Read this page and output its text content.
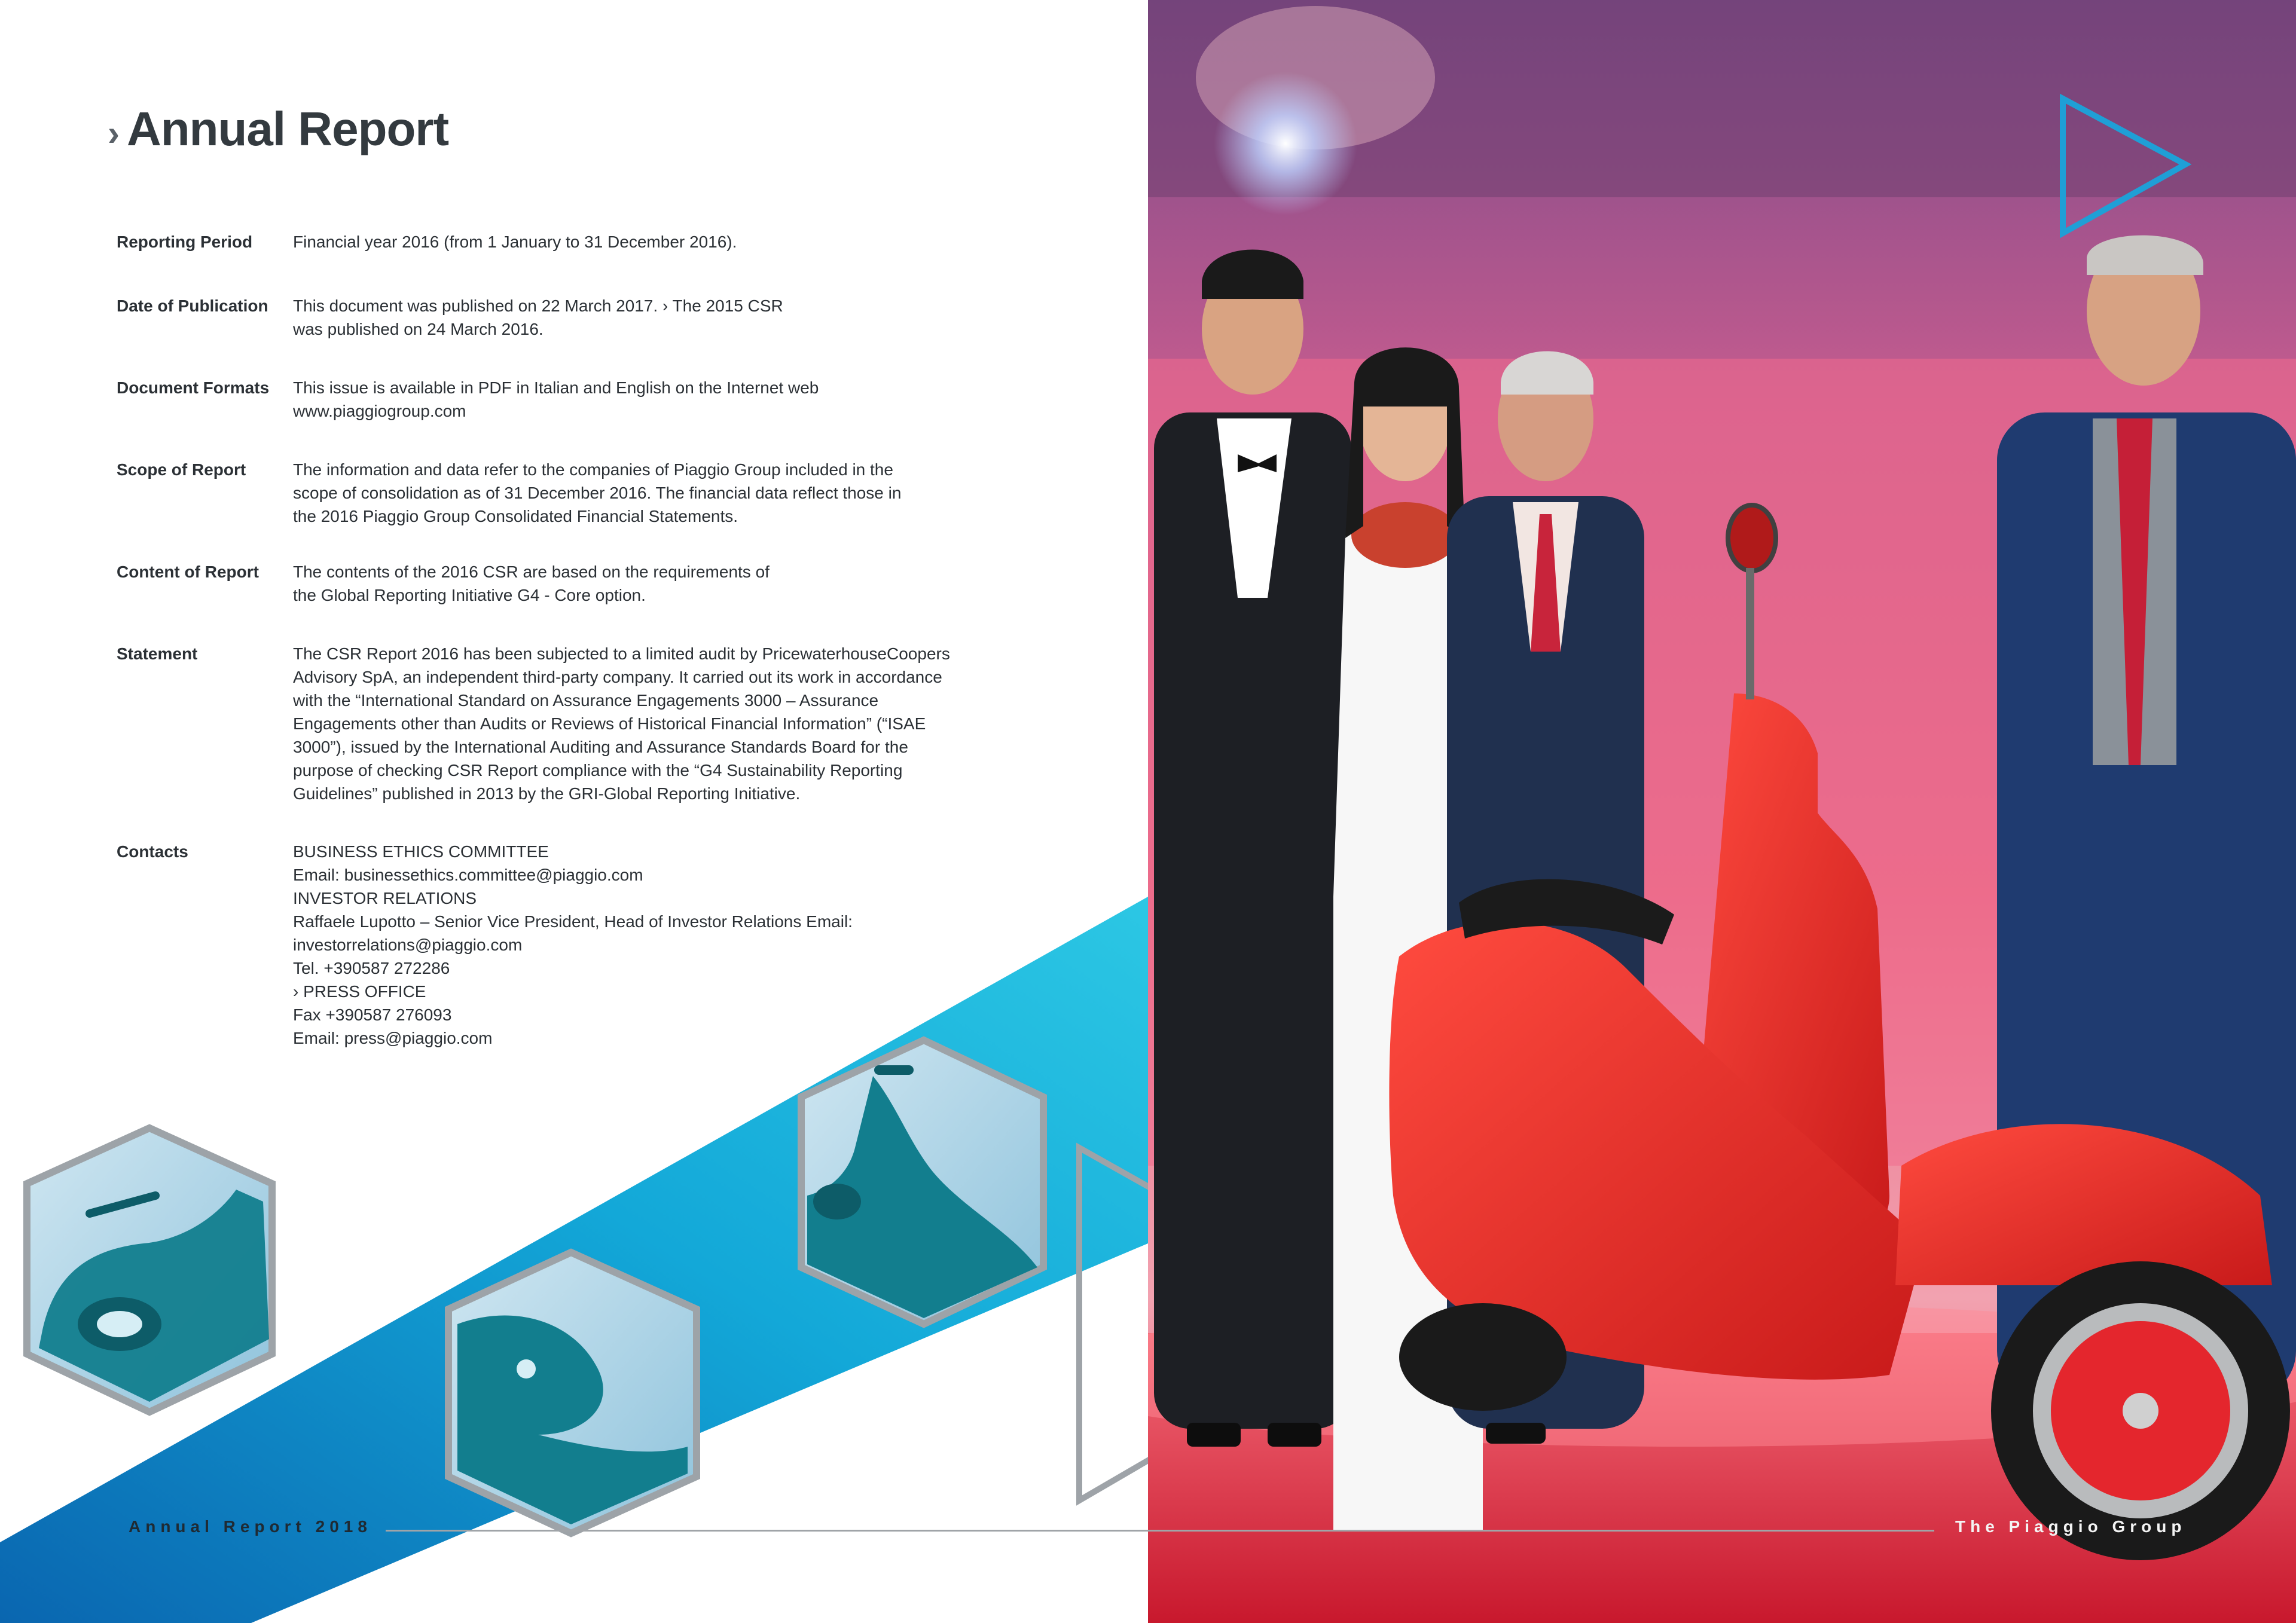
› Annual Report
Reporting Period	Financial year 2016 (from 1 January to 31 December 2016).
Date of Publication	This document was published on 22 March 2017. › The 2015 CSR
was published on 24 March 2016.
Document Formats	This issue is available in PDF in Italian and English on the Internet web
www.piaggiogroup.com
Scope of Report	The information and data refer to the companies of Piaggio Group included in the
scope of consolidation as of 31 December 2016. The financial data reflect those in
the 2016 Piaggio Group Consolidated Financial Statements.
Content of Report	The contents of the 2016 CSR are based on the requirements of
the Global Reporting Initiative G4 - Core option.
Statement	The CSR Report 2016 has been subjected to a limited audit by PricewaterhouseCoopers
Advisory SpA, an independent third-party company. It carried out its work in accordance
with the “International Standard on Assurance Engagements 3000 – Assurance
Engagements other than Audits or Reviews of Historical Financial Information” (“ISAE
3000”), issued by the International Auditing and Assurance Standards Board for the
purpose of checking CSR Report compliance with the “G4 Sustainability Reporting
Guidelines” published in 2013 by the GRI-Global Reporting Initiative.
Contacts	BUSINESS ETHICS COMMITTEE
Email: businessethics.committee@piaggio.com
INVESTOR RELATIONS
Raffaele Lupotto – Senior Vice President, Head of Investor Relations Email:
investorrelations@piaggio.com
Tel. +390587 272286
› PRESS OFFICE
Fax +390587 276093
Email: press@piaggio.com
Annual Report 2018	The Piaggio Group
